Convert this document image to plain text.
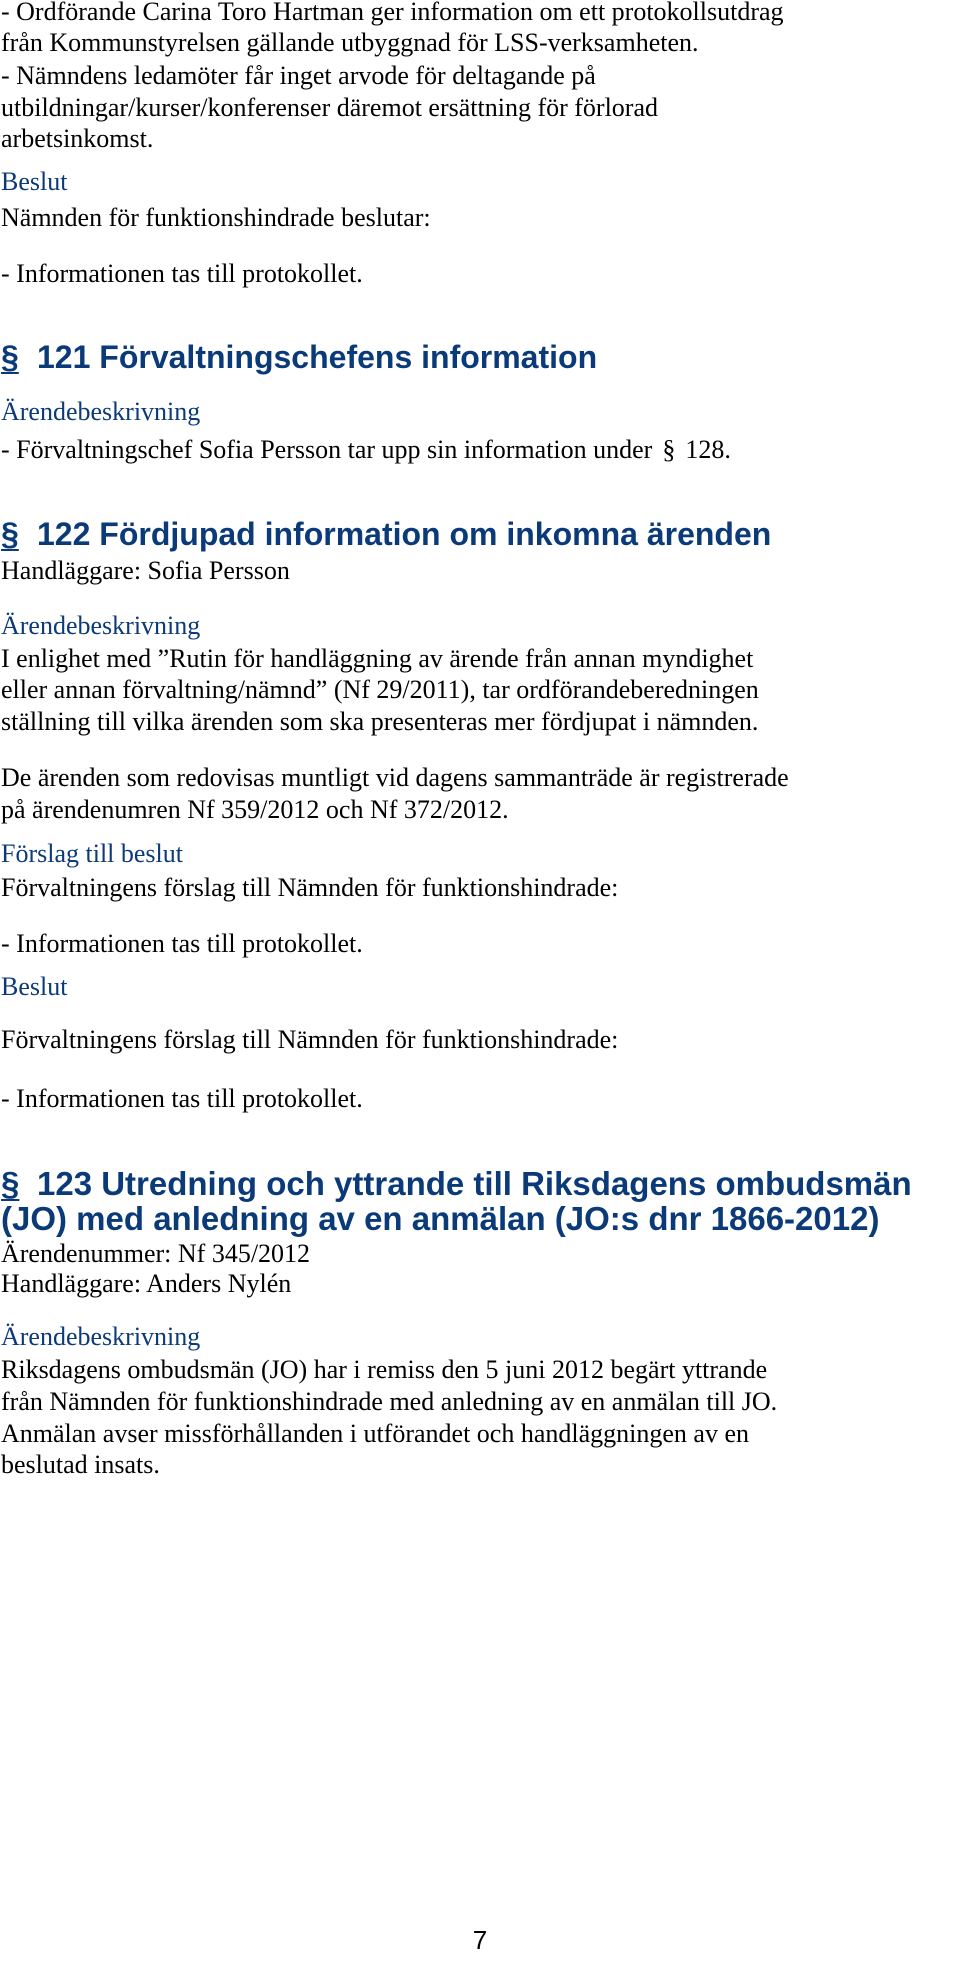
- Ordförande Carina Toro Hartman ger information om ett protokollsutdrag

från Kommunstyrelsen gällande utbyggnad för LSS-verksamheten.

- Nämndens ledamöter får inget arvode för deltagande på

utbildningar/kurser/konferenser däremot ersättning för förlorad

arbetsinkomst.

Beslut

Nämnden för funktionshindrade beslutar:

- Informationen tas till protokollet.

§ 121 Förvaltningschefens information

Ärendebeskrivning

- Förvaltningschef Sofia Persson tar upp sin information under § 128.

§ 122 Fördjupad information om inkomna ärenden

Handläggare: Sofia Persson

Ärendebeskrivning

I enlighet med ”Rutin för handläggning av ärende från annan myndighet

eller annan förvaltning/nämnd” (Nf 29/2011), tar ordförandeberedningen

ställning till vilka ärenden som ska presenteras mer fördjupat i nämnden.

De ärenden som redovisas muntligt vid dagens sammanträde är registrerade

på ärendenumren Nf 359/2012 och Nf 372/2012.

Förslag till beslut

Förvaltningens förslag till Nämnden för funktionshindrade:

- Informationen tas till protokollet.

Beslut

Förvaltningens förslag till Nämnden för funktionshindrade:

- Informationen tas till protokollet.

§ 123 Utredning och yttrande till Riksdagens ombudsmän

(JO) med anledning av en anmälan (JO:s dnr 1866-2012)

Ärendenummer: Nf 345/2012

Handläggare: Anders Nylén

Ärendebeskrivning

Riksdagens ombudsmän (JO) har i remiss den 5 juni 2012 begärt yttrande

från Nämnden för funktionshindrade med anledning av en anmälan till JO.

Anmälan avser missförhållanden i utförandet och handläggningen av en

beslutad insats.

7
